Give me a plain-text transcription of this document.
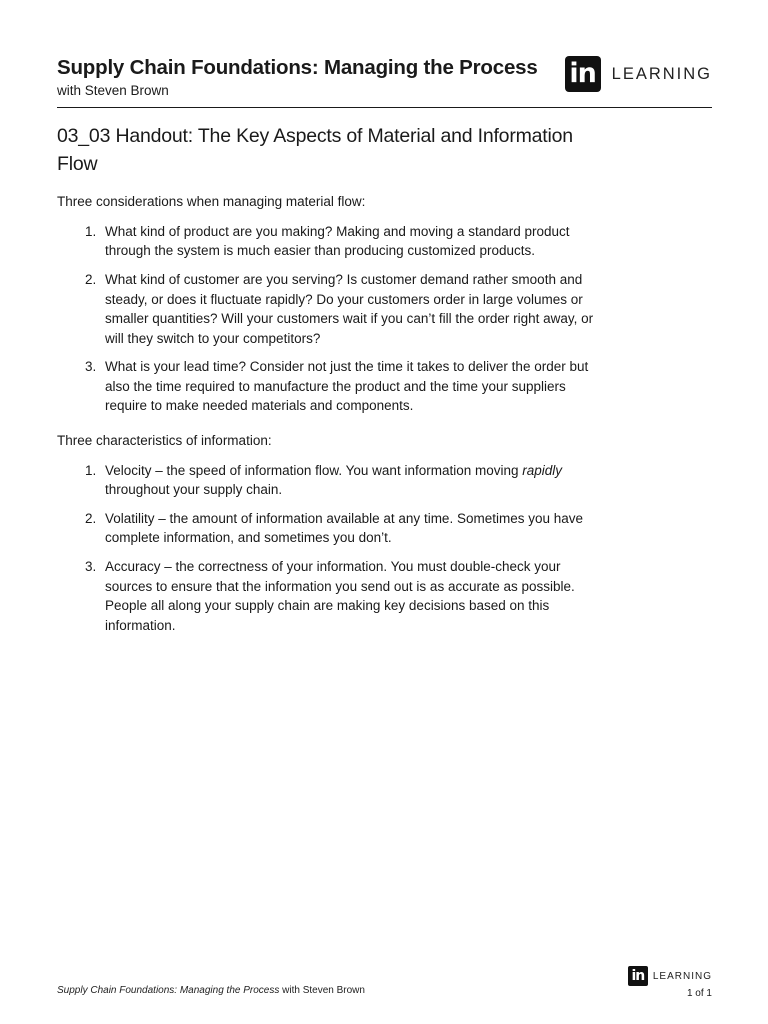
Supply Chain Foundations: Managing the Process
with Steven Brown
in LEARNING
03_03 Handout: The Key Aspects of Material and Information Flow

Three considerations when managing material flow:

1. What kind of product are you making? Making and moving a standard product through the system is much easier than producing customized products.
2. What kind of customer are you serving? Is customer demand rather smooth and steady, or does it fluctuate rapidly? Do your customers order in large volumes or smaller quantities? Will your customers wait if you can’t fill the order right away, or will they switch to your competitors?
3. What is your lead time? Consider not just the time it takes to deliver the order but also the time required to manufacture the product and the time your suppliers require to make needed materials and components.

Three characteristics of information:

1. Velocity – the speed of information flow. You want information moving rapidly throughout your supply chain.
2. Volatility – the amount of information available at any time. Sometimes you have complete information, and sometimes you don’t.
3. Accuracy – the correctness of your information. You must double-check your sources to ensure that the information you send out is as accurate as possible. People all along your supply chain are making key decisions based on this information.
Supply Chain Foundations: Managing the Process with Steven Brown
in LEARNING
1 of 1
